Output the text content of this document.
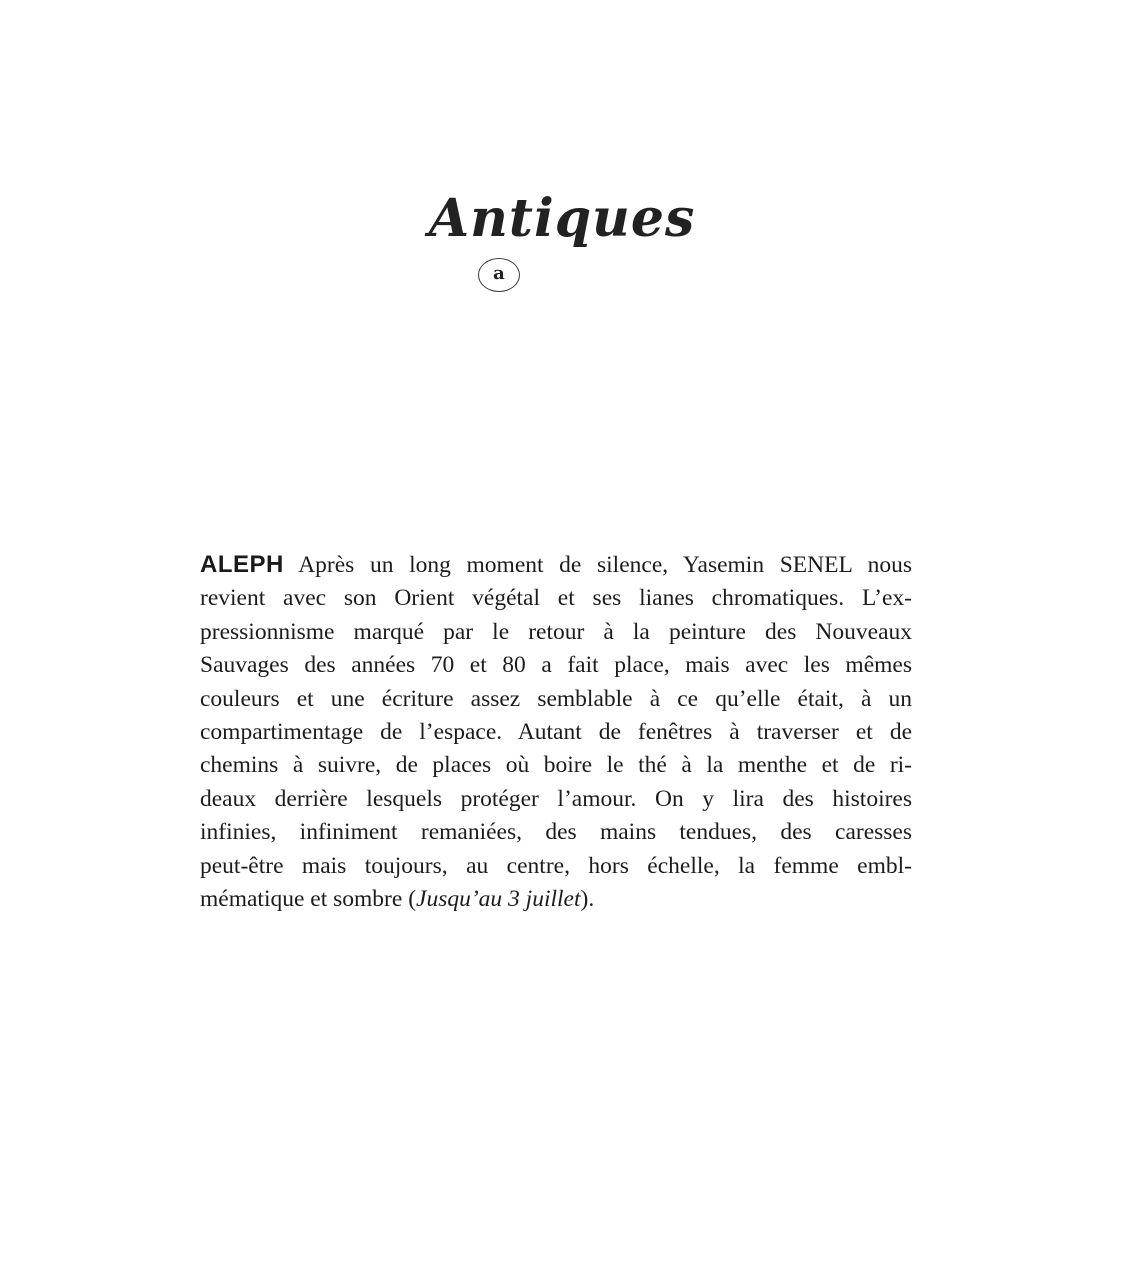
Antiques
a
ALEPH Après un long moment de silence, Yasemin SENEL nous
revient avec son Orient végétal et ses lianes chromatiques. L’ex-
pressionnisme marqué par le retour à la peinture des Nouveaux
Sauvages des années 70 et 80 a fait place, mais avec les mêmes
couleurs et une écriture assez semblable à ce qu’elle était, à un
compartimentage de l’espace. Autant de fenêtres à traverser et de
chemins à suivre, de places où boire le thé à la menthe et de ri-
deaux derrière lesquels protéger l’amour. On y lira des histoires
infinies, infiniment remaniées, des mains tendues, des caresses
peut-être mais toujours, au centre, hors échelle, la femme embl-
mématique et sombre (Jusqu’au 3 juillet).
